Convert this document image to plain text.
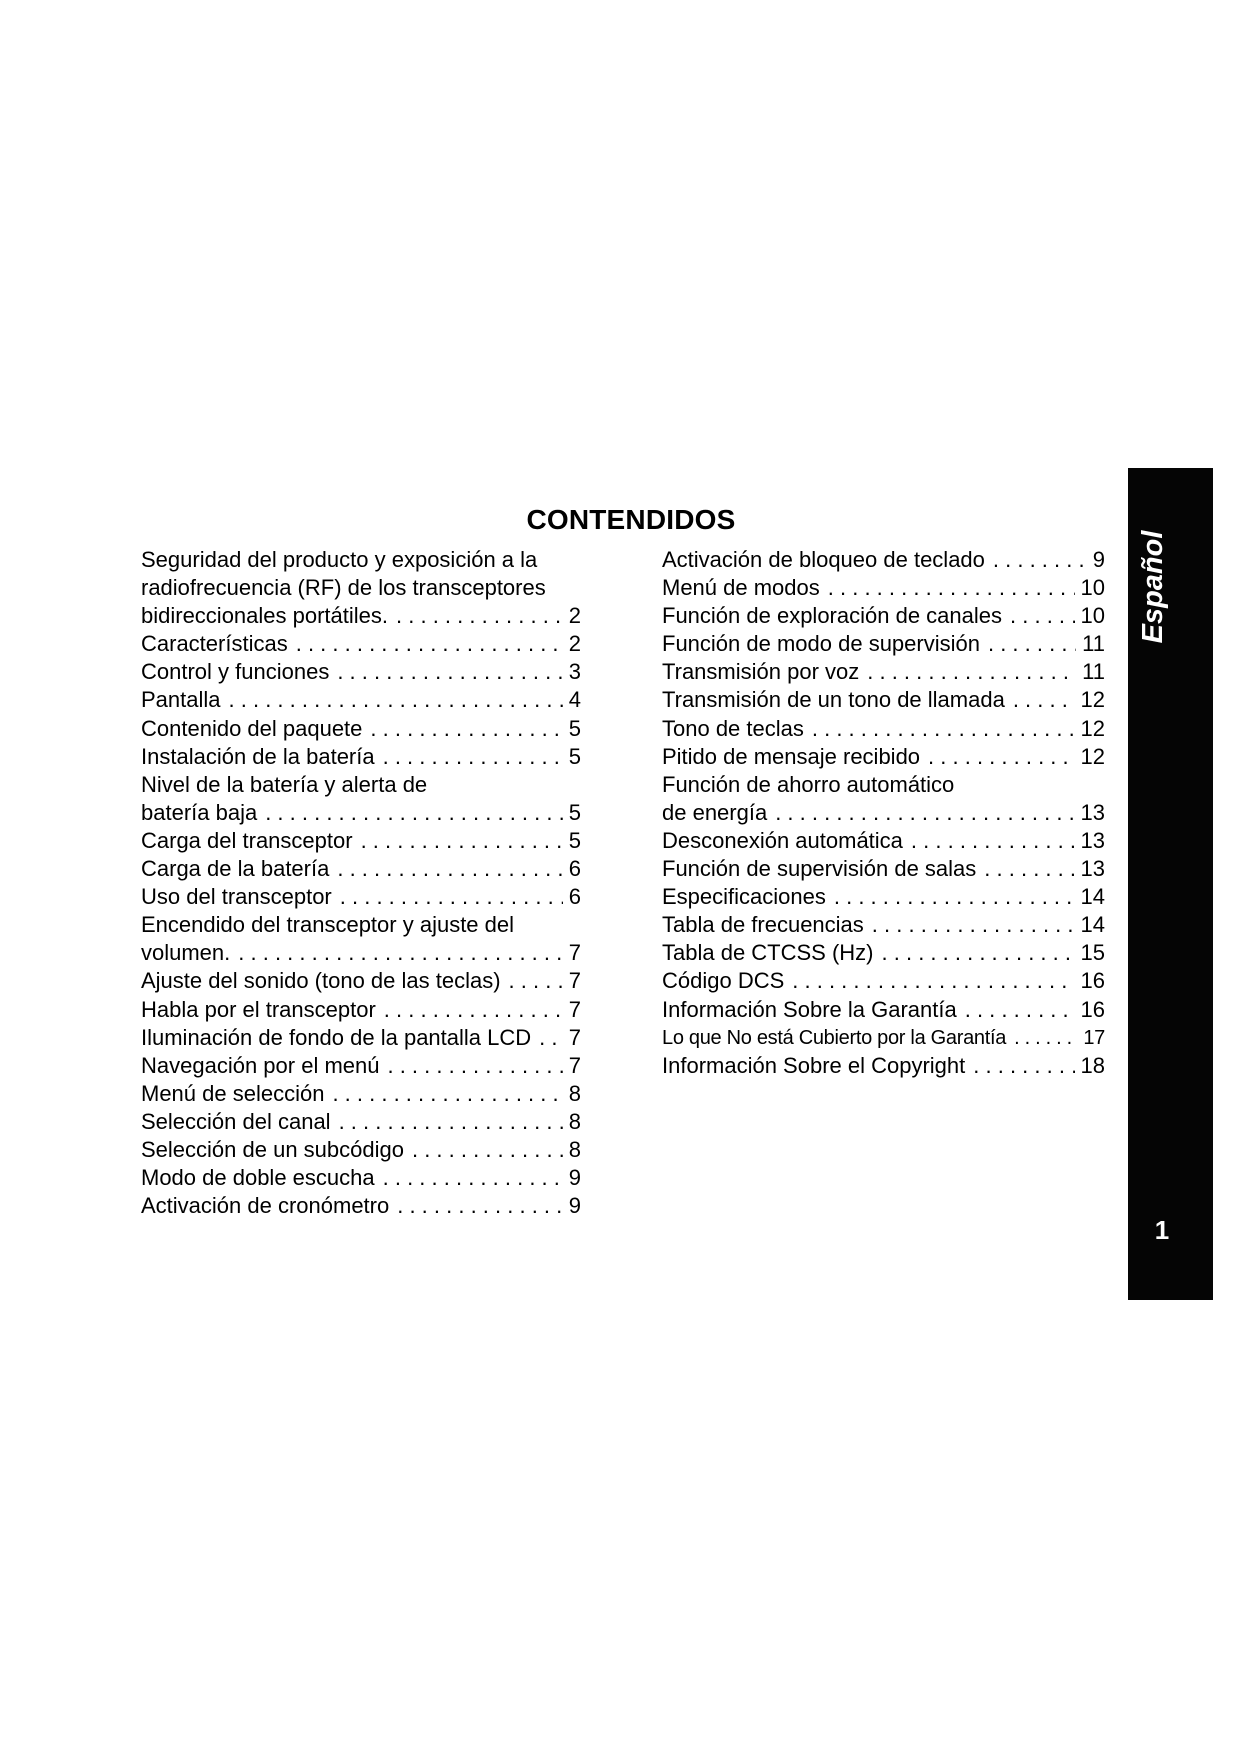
CONTENDIDOS
Seguridad del producto y exposición a la
radiofrecuencia (RF) de los transceptores
bidireccionales portátiles. . . .	2
Características . . .	2
Control y funciones . . .	3
Pantalla . . .	4
Contenido del paquete . . .	5
Instalación de la batería . . .	5
Nivel de la batería y alerta de
batería baja . . .	5
Carga del transceptor . . .	5
Carga de la batería . . .	6
Uso del transceptor . . .	6
Encendido del transceptor y ajuste del
volumen. . . .	7
Ajuste del sonido (tono de las teclas) . . .	7
Habla por el transceptor . . .	7
Iluminación de fondo de la pantalla LCD . . . 7
Navegación por el menú . . .	7
Menú de selección . . .	8
Selección del canal . . .	8
Selección de un subcódigo . . .	8
Modo de doble escucha . . .	9
Activación de cronómetro . . .	9
Activación de bloqueo de teclado . . .	9
Menú de modos . . .	10
Función de exploración de canales . . .	10
Función de modo de supervisión . . .	11
Transmisión por voz . . .	11
Transmisión de un tono de llamada . . .	12
Tono de teclas . . .	12
Pitido de mensaje recibido . . .	12
Función de ahorro automático
de energía . . .	13
Desconexión automática . . .	13
Función de supervisión de salas . . .	13
Especificaciones . . .	14
Tabla de frecuencias . . .	14
Tabla de CTCSS (Hz) . . .	15
Código DCS . . .	16
Información Sobre la Garantía . . .	16
Lo que No está Cubierto por la Garantía . . .	17
Información Sobre el Copyright . . .	18
Español
1
